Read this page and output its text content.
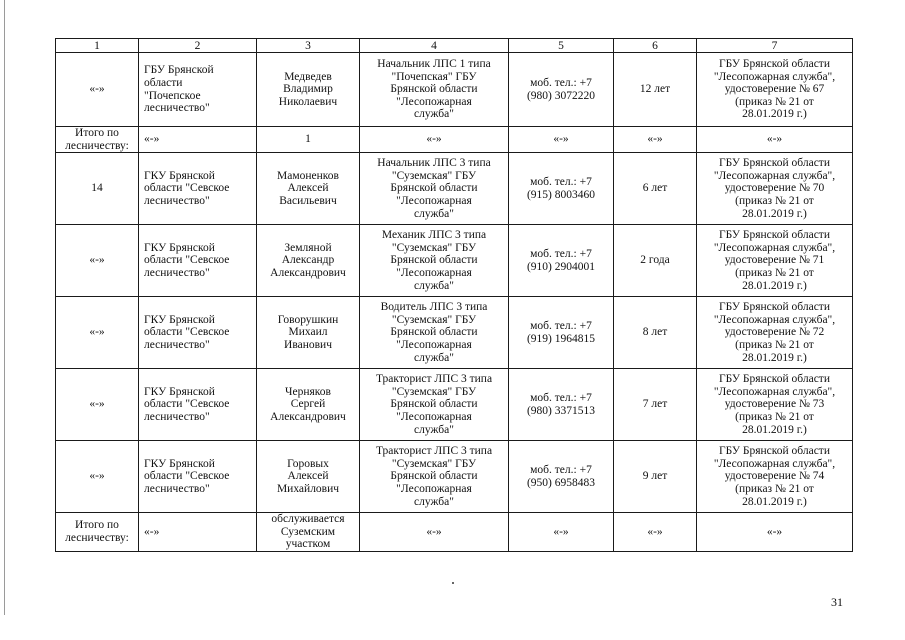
1	2	3	4	5	6	7
«-»	ГБУ Брянской
области
"Почепское
лесничество"	Медведев
Владимир
Николаевич	Начальник ЛПС 1 типа
"Почепская" ГБУ
Брянской области
"Лесопожарная
служба"	моб. тел.: +7
(980) 3072220	12 лет	ГБУ Брянской области
"Лесопожарная служба",
удостоверение № 67
(приказ № 21 от
28.01.2019 г.)
Итого по
лесничеству:	«-»	1	«-»	«-»	«-»	«-»
14	ГКУ Брянской
области "Севское
лесничество"	Мамоненков
Алексей
Васильевич	Начальник ЛПС 3 типа
"Суземская" ГБУ
Брянской области
"Лесопожарная
служба"	моб. тел.: +7
(915) 8003460	6 лет	ГБУ Брянской области
"Лесопожарная служба",
удостоверение № 70
(приказ № 21 от
28.01.2019 г.)
«-»	ГКУ Брянской
области "Севское
лесничество"	Земляной
Александр
Александрович	Механик ЛПС 3 типа
"Суземская" ГБУ
Брянской области
"Лесопожарная
служба"	моб. тел.: +7
(910) 2904001	2 года	ГБУ Брянской области
"Лесопожарная служба",
удостоверение № 71
(приказ № 21 от
28.01.2019 г.)
«-»	ГКУ Брянской
области "Севское
лесничество"	Говорушкин
Михаил
Иванович	Водитель ЛПС 3 типа
"Суземская" ГБУ
Брянской области
"Лесопожарная
служба"	моб. тел.: +7
(919) 1964815	8 лет	ГБУ Брянской области
"Лесопожарная служба",
удостоверение № 72
(приказ № 21 от
28.01.2019 г.)
«-»	ГКУ Брянской
области "Севское
лесничество"	Черняков
Сергей
Александрович	Тракторист ЛПС 3 типа
"Суземская" ГБУ
Брянской области
"Лесопожарная
служба"	моб. тел.: +7
(980) 3371513	7 лет	ГБУ Брянской области
"Лесопожарная служба",
удостоверение № 73
(приказ № 21 от
28.01.2019 г.)
«-»	ГКУ Брянской
области "Севское
лесничество"	Горовых
Алексей
Михайлович	Тракторист ЛПС 3 типа
"Суземская" ГБУ
Брянской области
"Лесопожарная
служба"	моб. тел.: +7
(950) 6958483	9 лет	ГБУ Брянской области
"Лесопожарная служба",
удостоверение № 74
(приказ № 21 от
28.01.2019 г.)
Итого по
лесничеству:	«-»	обслуживается
Суземским
участком	«-»	«-»	«-»	«-»
31
